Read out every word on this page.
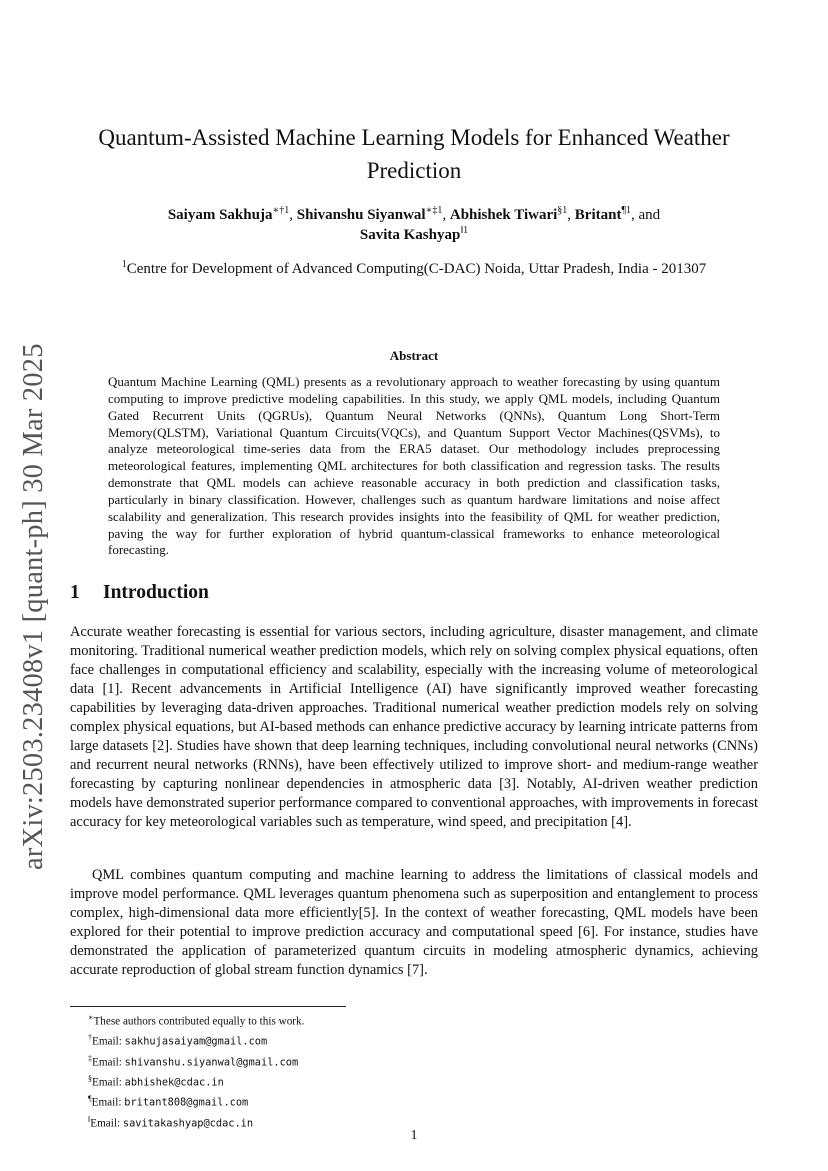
arXiv:2503.23408v1 [quant-ph] 30 Mar 2025
Quantum-Assisted Machine Learning Models for Enhanced Weather Prediction
Saiyam Sakhuja$^{∗\dagger 1}$, Shivanshu Siyanwal$^{∗\ddagger 1}$, Abhishek Tiwari$^{\S 1}$, Britant$^{\P 1}$, and
Savita Kashyap$^{‖1}$
$^1$Centre for Development of Advanced Computing(C-DAC) Noida, Uttar Pradesh, India - 201307
Abstract

Quantum Machine Learning (QML) presents as a revolutionary approach to weather forecasting by using quantum computing to improve predictive modeling capabilities. In this study, we apply QML models, including Quantum Gated Recurrent Units (QGRUs), Quantum Neural Networks (QNNs), Quantum Long Short-Term Memory(QLSTM), Variational Quantum Circuits(VQCs), and Quantum Support Vector Machines(QSVMs), to analyze meteorological time-series data from the ERA5 dataset. Our methodology includes preprocessing meteorological features, implementing QML architectures for both classification and regression tasks. The results demonstrate that QML models can achieve reasonable accuracy in both prediction and classification tasks, particularly in binary classification. However, challenges such as quantum hardware limitations and noise affect scalability and generalization. This research provides insights into the feasibility of QML for weather prediction, paving the way for further exploration of hybrid quantum-classical frameworks to enhance meteorological forecasting.

1 Introduction

Accurate weather forecasting is essential for various sectors, including agriculture, disaster management, and climate monitoring. Traditional numerical weather prediction models, which rely on solving complex physical equations, often face challenges in computational efficiency and scalability, especially with the increasing volume of meteorological data [1]. Recent advancements in Artificial Intelligence (AI) have significantly improved weather forecasting capabilities by leveraging data-driven approaches. Traditional numerical weather prediction models rely on solving complex physical equations, but AI-based methods can enhance predictive accuracy by learning intricate patterns from large datasets [2]. Studies have shown that deep learning techniques, including convolutional neural networks (CNNs) and recurrent neural networks (RNNs), have been effectively utilized to improve short- and medium-range weather forecasting by capturing nonlinear dependencies in atmospheric data [3]. Notably, AI-driven weather prediction models have demonstrated superior performance compared to conventional approaches, with improvements in forecast accuracy for key meteorological variables such as temperature, wind speed, and precipitation [4].

QML combines quantum computing and machine learning to address the limitations of classical models and improve model performance. QML leverages quantum phenomena such as superposition and entanglement to process complex, high-dimensional data more efficiently[5]. In the context of weather forecasting, QML models have been explored for their potential to improve prediction accuracy and computational speed [6]. For instance, studies have demonstrated the application of parameterized quantum circuits in modeling atmospheric dynamics, achieving accurate reproduction of global stream function dynamics [7].

∗These authors contributed equally to this work.
†Email: sakhujasaiyam@gmail.com
‡Email: shivanshu.siyanwal@gmail.com
§Email: abhishek@cdac.in
¶Email: britant808@gmail.com
‖Email: savitakashyap@cdac.in
1
